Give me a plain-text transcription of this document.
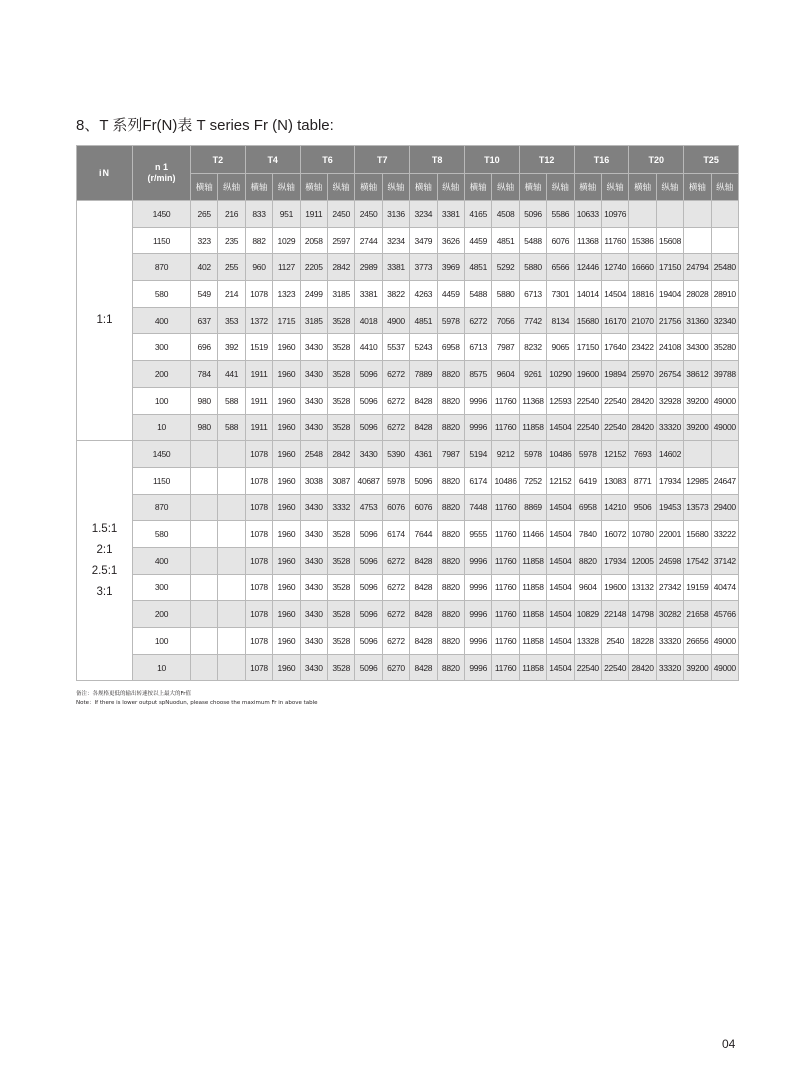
8、T 系列Fr(N)表 T series Fr (N) table:
iN	n 1
(r/min)	T2		T4		T6		T7		T8		T10		T12		T16		T20		T25	
		横轴	纵轴	横轴	纵轴	横轴	纵轴	横轴	纵轴	横轴	纵轴	横轴	纵轴	横轴	纵轴	横轴	纵轴	横轴	纵轴	横轴	纵轴

1:1	1450	265	216	833	951	1911	2450	2450	3136	3234	3381	4165	4508	5096	5586	10633	10976				
	1150	323	235	882	1029	2058	2597	2744	3234	3479	3626	4459	4851	5488	6076	11368	11760	15386	15608		
	870	402	255	960	1127	2205	2842	2989	3381	3773	3969	4851	5292	5880	6566	12446	12740	16660	17150	24794	25480
	580	549	214	1078	1323	2499	3185	3381	3822	4263	4459	5488	5880	6713	7301	14014	14504	18816	19404	28028	28910
	400	637	353	1372	1715	3185	3528	4018	4900	4851	5978	6272	7056	7742	8134	15680	16170	21070	21756	31360	32340
	300	696	392	1519	1960	3430	3528	4410	5537	5243	6958	6713	7987	8232	9065	17150	17640	23422	24108	34300	35280
	200	784	441	1911	1960	3430	3528	5096	6272	7889	8820	8575	9604	9261	10290	19600	19894	25970	26754	38612	39788
	100	980	588	1911	1960	3430	3528	5096	6272	8428	8820	9996	11760	11368	12593	22540	22540	28420	32928	39200	49000
	10	980	588	1911	1960	3430	3528	5096	6272	8428	8820	9996	11760	11858	14504	22540	22540	28420	33320	39200	49000

1.5:1
2:1
2.5:1
3:1	1450			1078	1960	2548	2842	3430	5390	4361	7987	5194	9212	5978	10486	5978	12152	7693	14602		
	1150			1078	1960	3038	3087	40687	5978	5096	8820	6174	10486	7252	12152	6419	13083	8771	17934	12985	24647
	870			1078	1960	3430	3332	4753	6076	6076	8820	7448	11760	8869	14504	6958	14210	9506	19453	13573	29400
	580			1078	1960	3430	3528	5096	6174	7644	8820	9555	11760	11466	14504	7840	16072	10780	22001	15680	33222
	400			1078	1960	3430	3528	5096	6272	8428	8820	9996	11760	11858	14504	8820	17934	12005	24598	17542	37142
	300			1078	1960	3430	3528	5096	6272	8428	8820	9996	11760	11858	14504	9604	19600	13132	27342	19159	40474
	200			1078	1960	3430	3528	5096	6272	8428	8820	9996	11760	11858	14504	10829	22148	14798	30282	21658	45766
	100			1078	1960	3430	3528	5096	6272	8428	8820	9996	11760	11858	14504	13328	2540	18228	33320	26656	49000
	10			1078	1960	3430	3528	5096	6270	8428	8820	9996	11760	11858	14504	22540	22540	28420	33320	39200	49000
备注：各规格更低的输出转速按以上最大的Fr值
Note：If there is lower output spNuodun, please choose the maximum Fr in above table
04
